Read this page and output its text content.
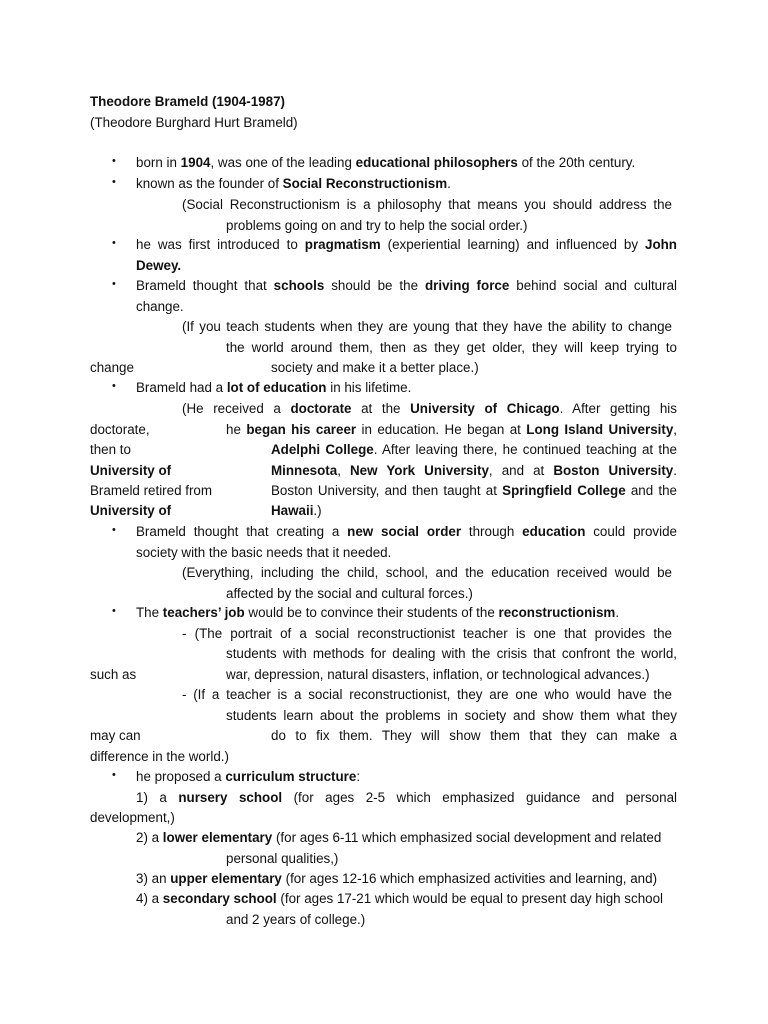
Theodore Brameld (1904-1987)
(Theodore Burghard Hurt Brameld)
• born in 1904, was one of the leading educational philosophers of the 20th century.
• known as the founder of Social Reconstructionism.
(Social Reconstructionism is a philosophy that means you should address the
problems going on and try to help the social order.)
• he was first introduced to pragmatism (experiential learning) and influenced by John
Dewey.
• Brameld thought that schools should be the driving force behind social and cultural
change.
(If you teach students when they are young that they have the ability to change
the world around them, then as they get older, they will keep trying to
change	society and make it a better place.)
• Brameld had a lot of education in his lifetime.
(He received a doctorate at the University of Chicago. After getting his
doctorate,	he began his career in education. He began at Long Island University,
then to	Adelphi College. After leaving there, he continued teaching at the
University of	Minnesota, New York University, and at Boston University.
Brameld retired from	Boston University, and then taught at Springfield College and the
University of	Hawaii.)
• Brameld thought that creating a new social order through education could provide
society with the basic needs that it needed.
(Everything, including the child, school, and the education received would be
affected by the social and cultural forces.)
• The teachers’ job would be to convince their students of the reconstructionism.
- (The portrait of a social reconstructionist teacher is one that provides the
students with methods for dealing with the crisis that confront the world,
such as	war, depression, natural disasters, inflation, or technological advances.)
- (If a teacher is a social reconstructionist, they are one who would have the
students learn about the problems in society and show them what they
may can	do to fix them. They will show them that they can make a
difference in the world.)
• he proposed a curriculum structure:
1) a nursery school (for ages 2-5 which emphasized guidance and personal
development,)
2) a lower elementary (for ages 6-11 which emphasized social development and related
personal qualities,)
3) an upper elementary (for ages 12-16 which emphasized activities and learning, and)
4) a secondary school (for ages 17-21 which would be equal to present day high school
and 2 years of college.)
